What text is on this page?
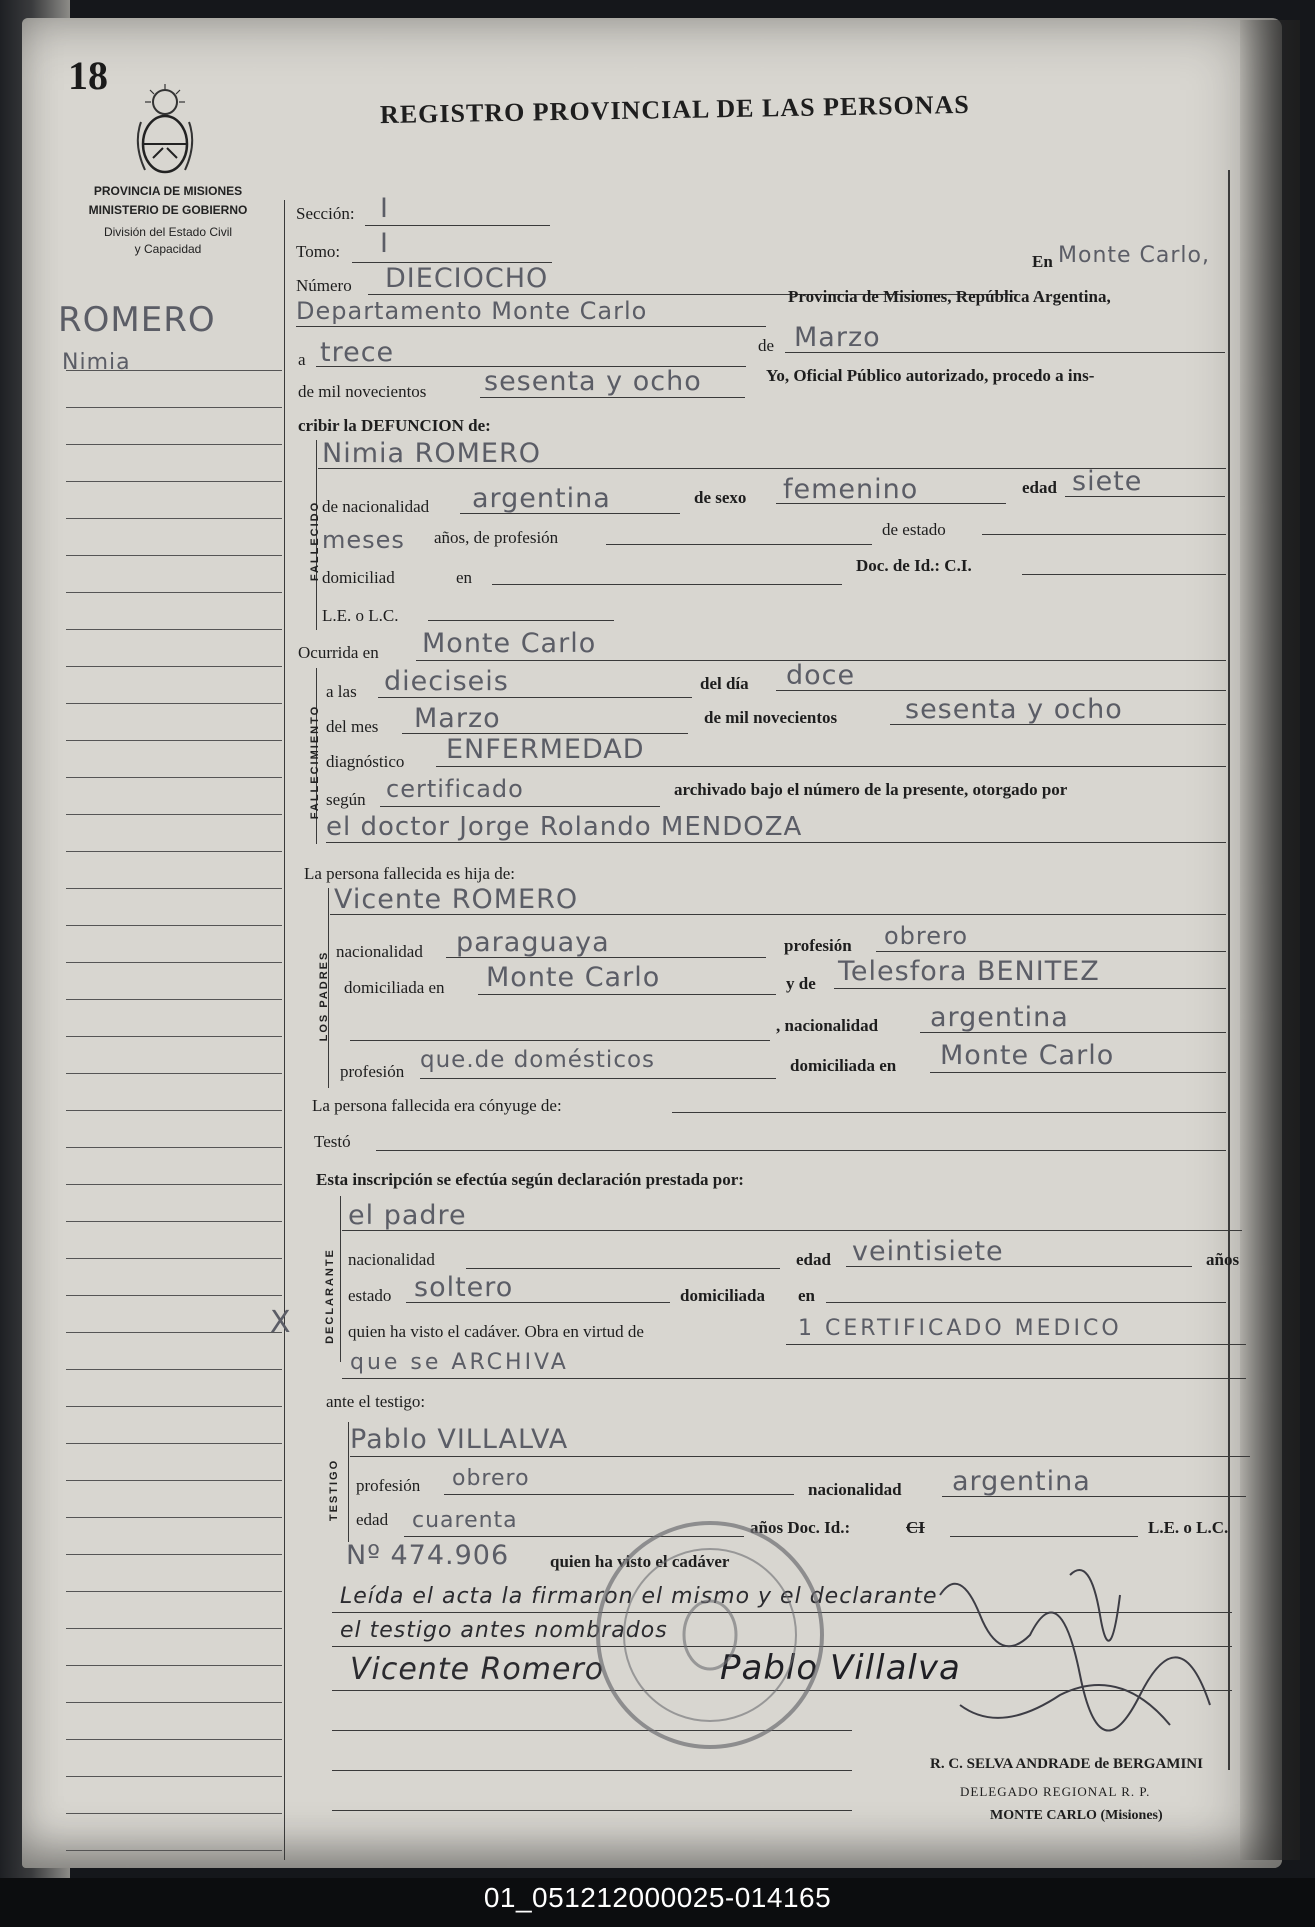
18
PROVINCIA DE MISIONES
MINISTERIO DE GOBIERNO
División del Estado Civil
y Capacidad
REGISTRO PROVINCIAL DE LAS PERSONAS
ROMERO
Nimia
X
Sección: I
Tomo: I
Número DIECIOCHO
En Monte Carlo,
Departamento Monte Carlo
Provincia de Misiones, República Argentina,
a trece	de Marzo
de mil novecientos sesenta y ocho	Yo, Oficial Público autorizado, procedo a ins-
cribir la DEFUNCION de:
FALLECIDO
Nimia ROMERO
de nacionalidad argentina	de sexo femenino	edad siete
meses años, de profesión	de estado
domiciliad	en
Doc. de Id.: C.I.
L.E. o L.C.
Ocurrida en Monte Carlo
FALLECIMIENTO
a las dieciseis	del día doce
del mes Marzo	de mil novecientos	sesenta y ocho
diagnóstico ENFERMEDAD
según certificado	archivado bajo el número de la presente, otorgado por
el doctor Jorge Rolando MENDOZA
La persona fallecida es hija de:
LOS PADRES
Vicente ROMERO
nacionalidad paraguaya	profesión obrero
domiciliada en Monte Carlo	y de Telesfora BENITEZ
, nacionalidad argentina
profesión que.de domésticos	domiciliada en Monte Carlo
La persona fallecida era cónyuge de:
Testó
Esta inscripción se efectúa según declaración prestada por:
DECLARANTE
el padre
nacionalidad	edad veintisiete	años
estado soltero	domiciliada en
quien ha visto el cadáver. Obra en virtud de	1 CERTIFICADO MEDICO
que se ARCHIVA
ante el testigo:
TESTIGO
Pablo VILLALVA
profesión obrero	nacionalidad argentina
edad cuarenta	años Doc. Id.:	CI	L.E. o L.C.
Nº 474.906 quien ha visto el cadáver
Leída el acta la firmaron el mismo y el declarante
el testigo antes nombrados
Vicente Romero	Pablo Villalva
R. C. SELVA ANDRADE de BERGAMINI
DELEGADO REGIONAL R. P.
MONTE CARLO (Misiones)
01_051212000025-014165
